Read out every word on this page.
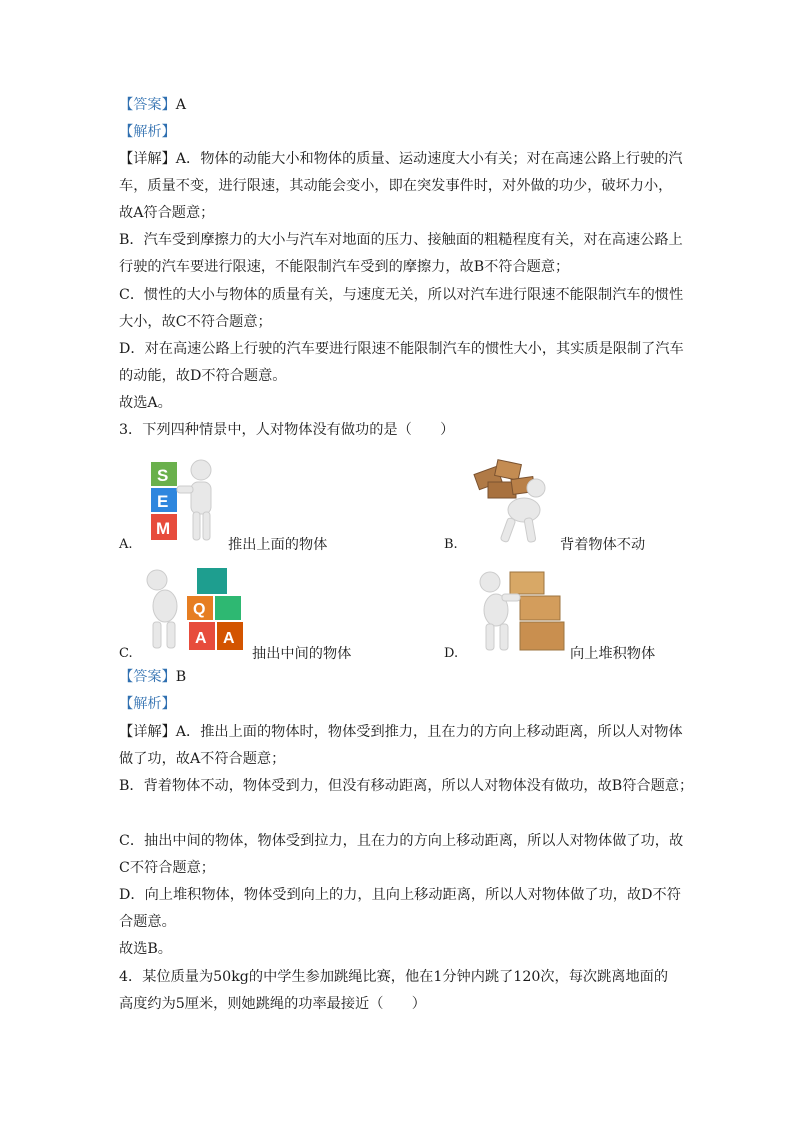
【答案】A
【解析】
【详解】A．物体的动能大小和物体的质量、运动速度大小有关；对在高速公路上行驶的汽
车，质量不变，进行限速，其动能会变小，即在突发事件时，对外做的功少，破坏力小，
故A符合题意；
B．汽车受到摩擦力的大小与汽车对地面的压力、接触面的粗糙程度有关，对在高速公路上
行驶的汽车要进行限速，不能限制汽车受到的摩擦力，故B不符合题意；
C．惯性的大小与物体的质量有关，与速度无关，所以对汽车进行限速不能限制汽车的惯性
大小，故C不符合题意；
D．对在高速公路上行驶的汽车要进行限速不能限制汽车的惯性大小，其实质是限制了汽车
的动能，故D不符合题意。
故选A。
3．下列四种情景中，人对物体没有做功的是（　　）
S
E
M
A.	推出上面的物体	B.	背着物体不动
Q
A A
C.	抽出中间的物体	D.	向上堆积物体
【答案】B
【解析】
【详解】A．推出上面的物体时，物体受到推力，且在力的方向上移动距离，所以人对物体
做了功，故A不符合题意；
B．背着物体不动，物体受到力，但没有移动距离，所以人对物体没有做功，故B符合题意；
C．抽出中间的物体，物体受到拉力，且在力的方向上移动距离，所以人对物体做了功，故
C不符合题意；
D．向上堆积物体，物体受到向上的力，且向上移动距离，所以人对物体做了功，故D不符
合题意。
故选B。
4．某位质量为50kg的中学生参加跳绳比赛，他在1分钟内跳了120次，每次跳离地面的
高度约为5厘米，则她跳绳的功率最接近（　　）
